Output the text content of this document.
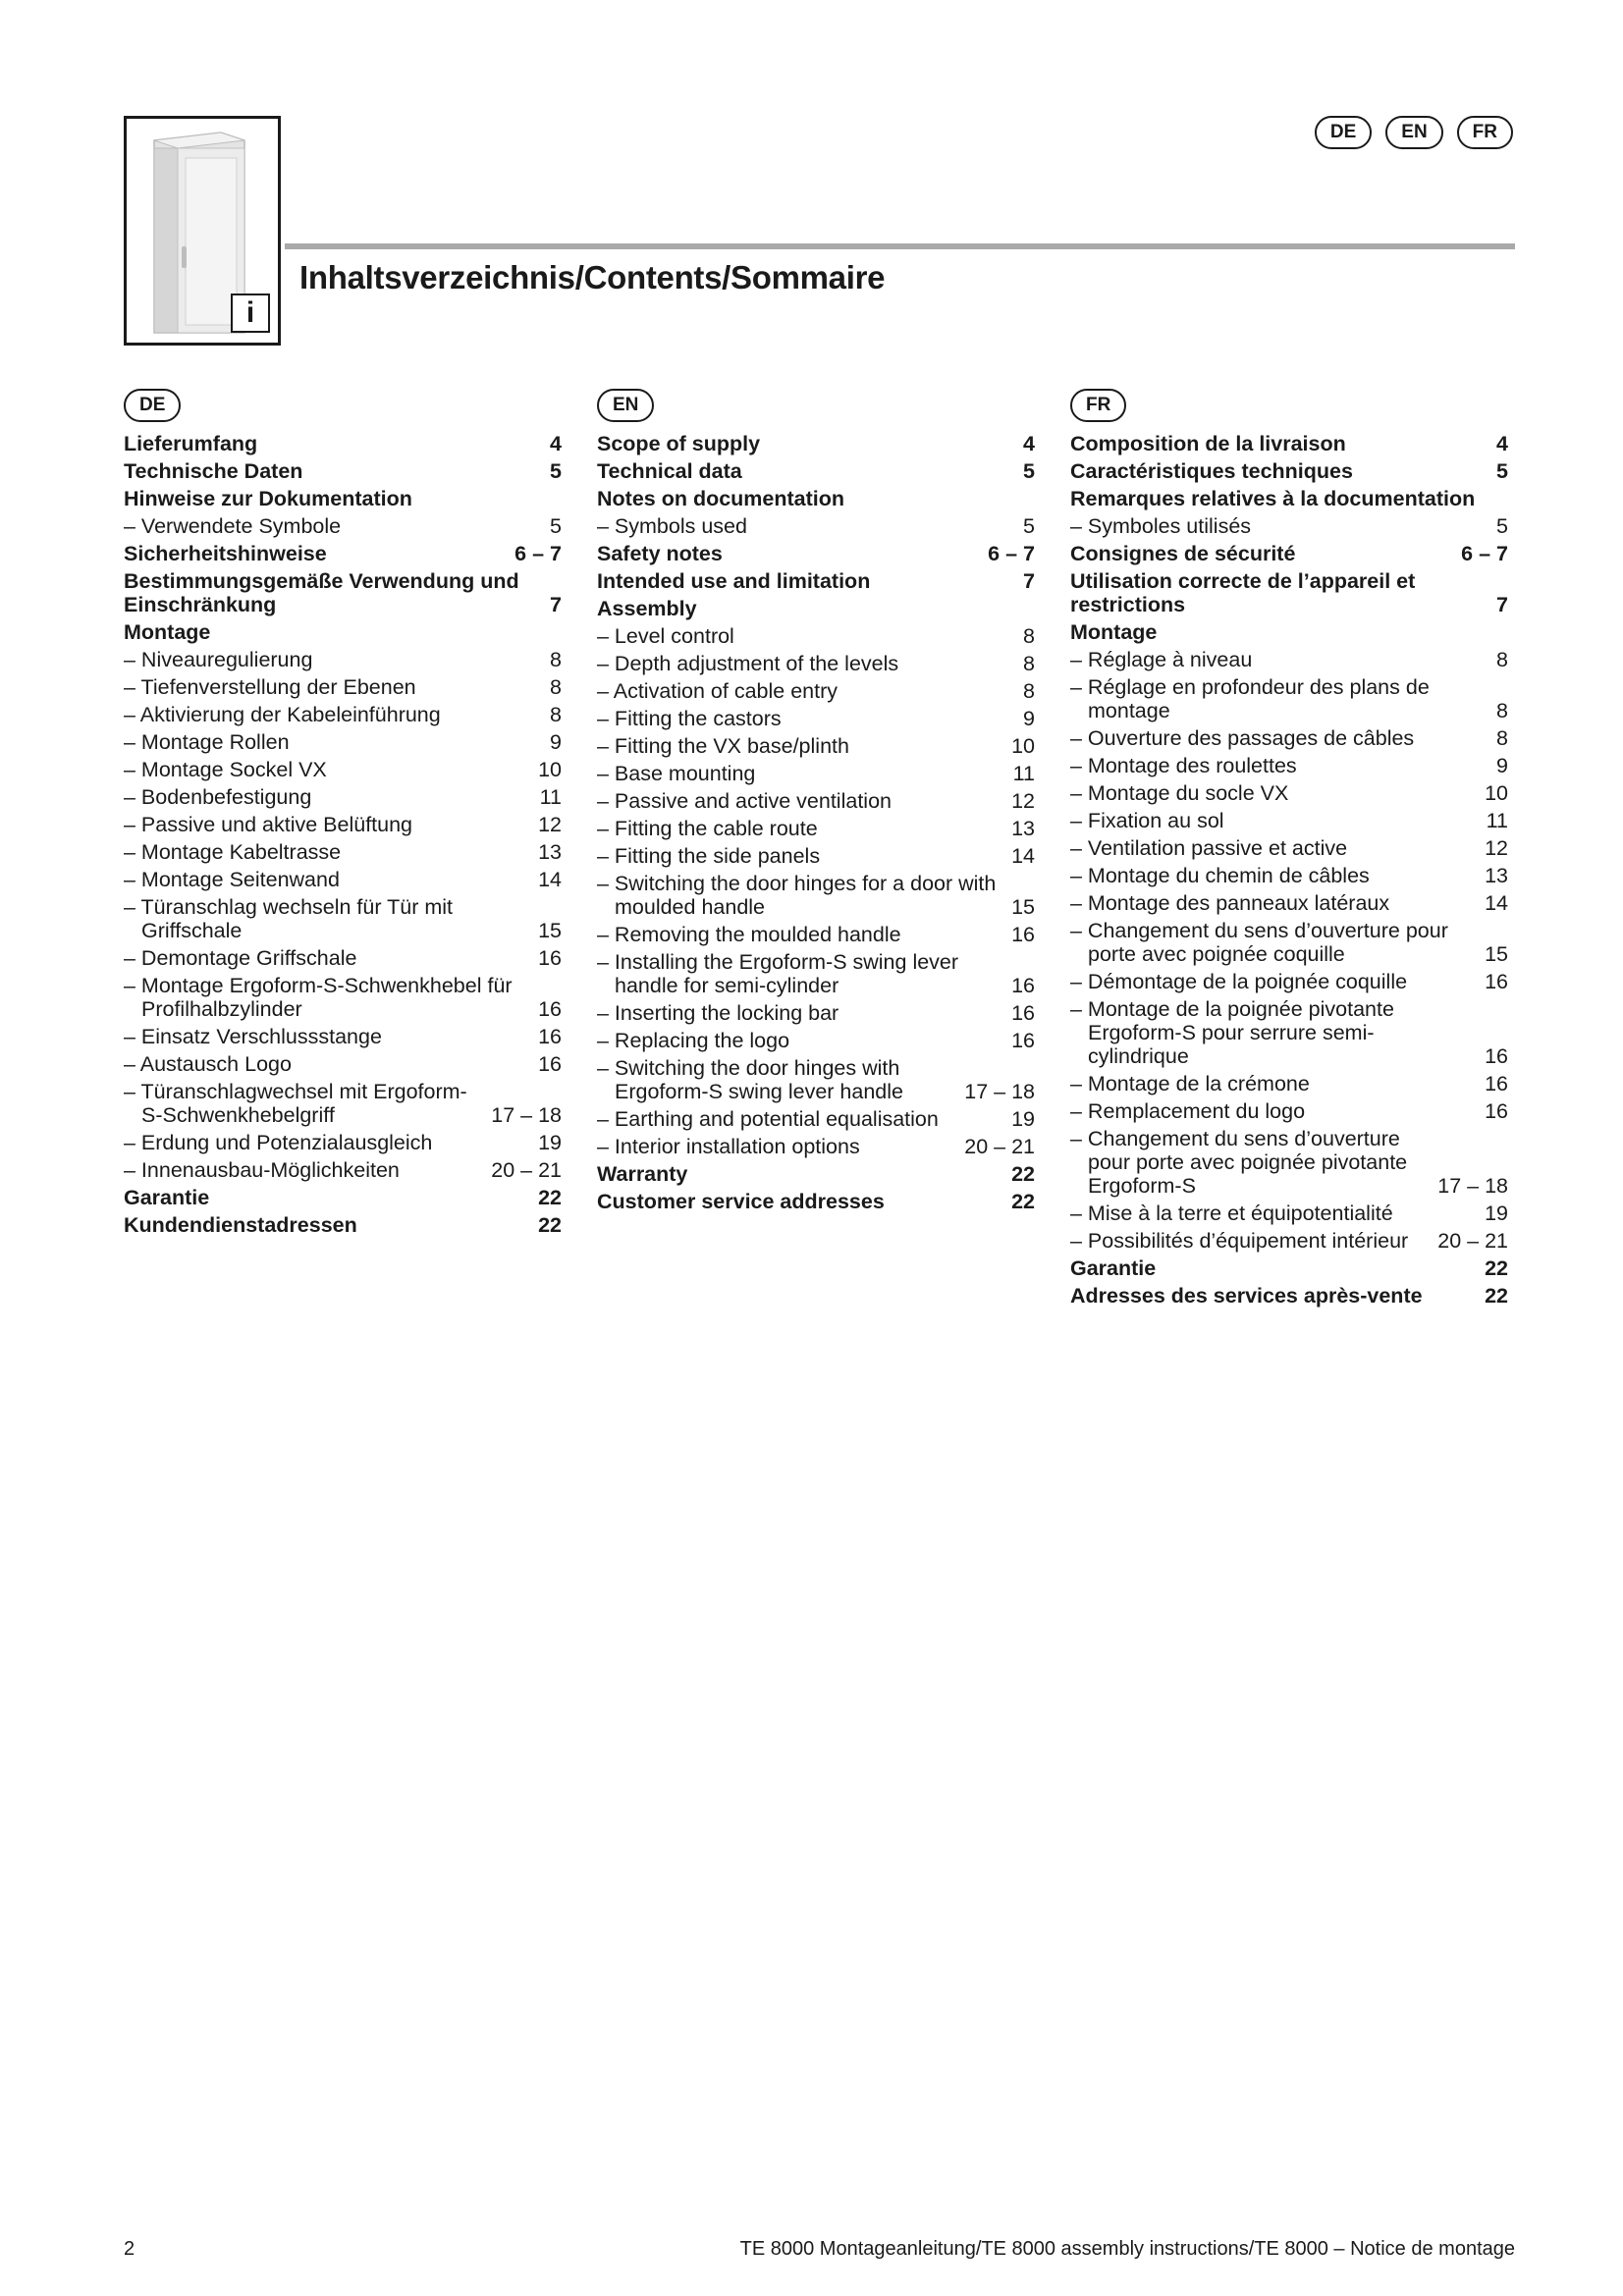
i
DE	EN	FR
Inhaltsverzeichnis/Contents/Sommaire
DE	EN	FR
Lieferumfang	4
Technische Daten	5
Hinweise zur Dokumentation
– Verwendete Symbole	5
Sicherheitshinweise	6 – 7
Bestimmungsgemäße Verwendung und Einschränkung	7
Montage
– Niveauregulierung	8
– Tiefenverstellung der Ebenen	8
– Aktivierung der Kabeleinführung	8
– Montage Rollen	9
– Montage Sockel VX	10
– Bodenbefestigung	11
– Passive und aktive Belüftung	12
– Montage Kabeltrasse	13
– Montage Seitenwand	14
– Türanschlag wechseln für Tür mit Griffschale	15
– Demontage Griffschale	16
– Montage Ergoform-S-Schwenkhebel für Profilhalbzylinder	16
– Einsatz Verschlussstange	16
– Austausch Logo	16
– Türanschlagwechsel mit Ergoform-S-Schwenkhebelgriff	17 – 18
– Erdung und Potenzialausgleich	19
– Innenausbau-Möglichkeiten	20 – 21
Garantie	22
Kundendienstadressen	22
Scope of supply	4
Technical data	5
Notes on documentation
– Symbols used	5
Safety notes	6 – 7
Intended use and limitation	7
Assembly
– Level control	8
– Depth adjustment of the levels	8
– Activation of cable entry	8
– Fitting the castors	9
– Fitting the VX base/plinth	10
– Base mounting	11
– Passive and active ventilation	12
– Fitting the cable route	13
– Fitting the side panels	14
– Switching the door hinges for a door with moulded handle	15
– Removing the moulded handle	16
– Installing the Ergoform-S swing lever handle for semi-cylinder	16
– Inserting the locking bar	16
– Replacing the logo	16
– Switching the door hinges with Ergoform-S swing lever handle	17 – 18
– Earthing and potential equalisation	19
– Interior installation options	20 – 21
Warranty	22
Customer service addresses	22
Composition de la livraison	4
Caractéristiques techniques	5
Remarques relatives à la documentation
– Symboles utilisés	5
Consignes de sécurité	6 – 7
Utilisation correcte de l’appareil et restrictions	7
Montage
– Réglage à niveau	8
– Réglage en profondeur des plans de montage	8
– Ouverture des passages de câbles	8
– Montage des roulettes	9
– Montage du socle VX	10
– Fixation au sol	11
– Ventilation passive et active	12
– Montage du chemin de câbles	13
– Montage des panneaux latéraux	14
– Changement du sens d’ouverture pour porte avec poignée coquille	15
– Démontage de la poignée coquille	16
– Montage de la poignée pivotante Ergoform-S pour serrure semi-cylindrique	16
– Montage de la crémone	16
– Remplacement du logo	16
– Changement du sens d’ouverture pour porte avec poignée pivotante Ergoform-S	17 – 18
– Mise à la terre et équipotentialité	19
– Possibilités d’équipement intérieur	20 – 21
Garantie	22
Adresses des services après-vente	22
2	TE 8000 Montageanleitung/TE 8000 assembly instructions/TE 8000 – Notice de montage
